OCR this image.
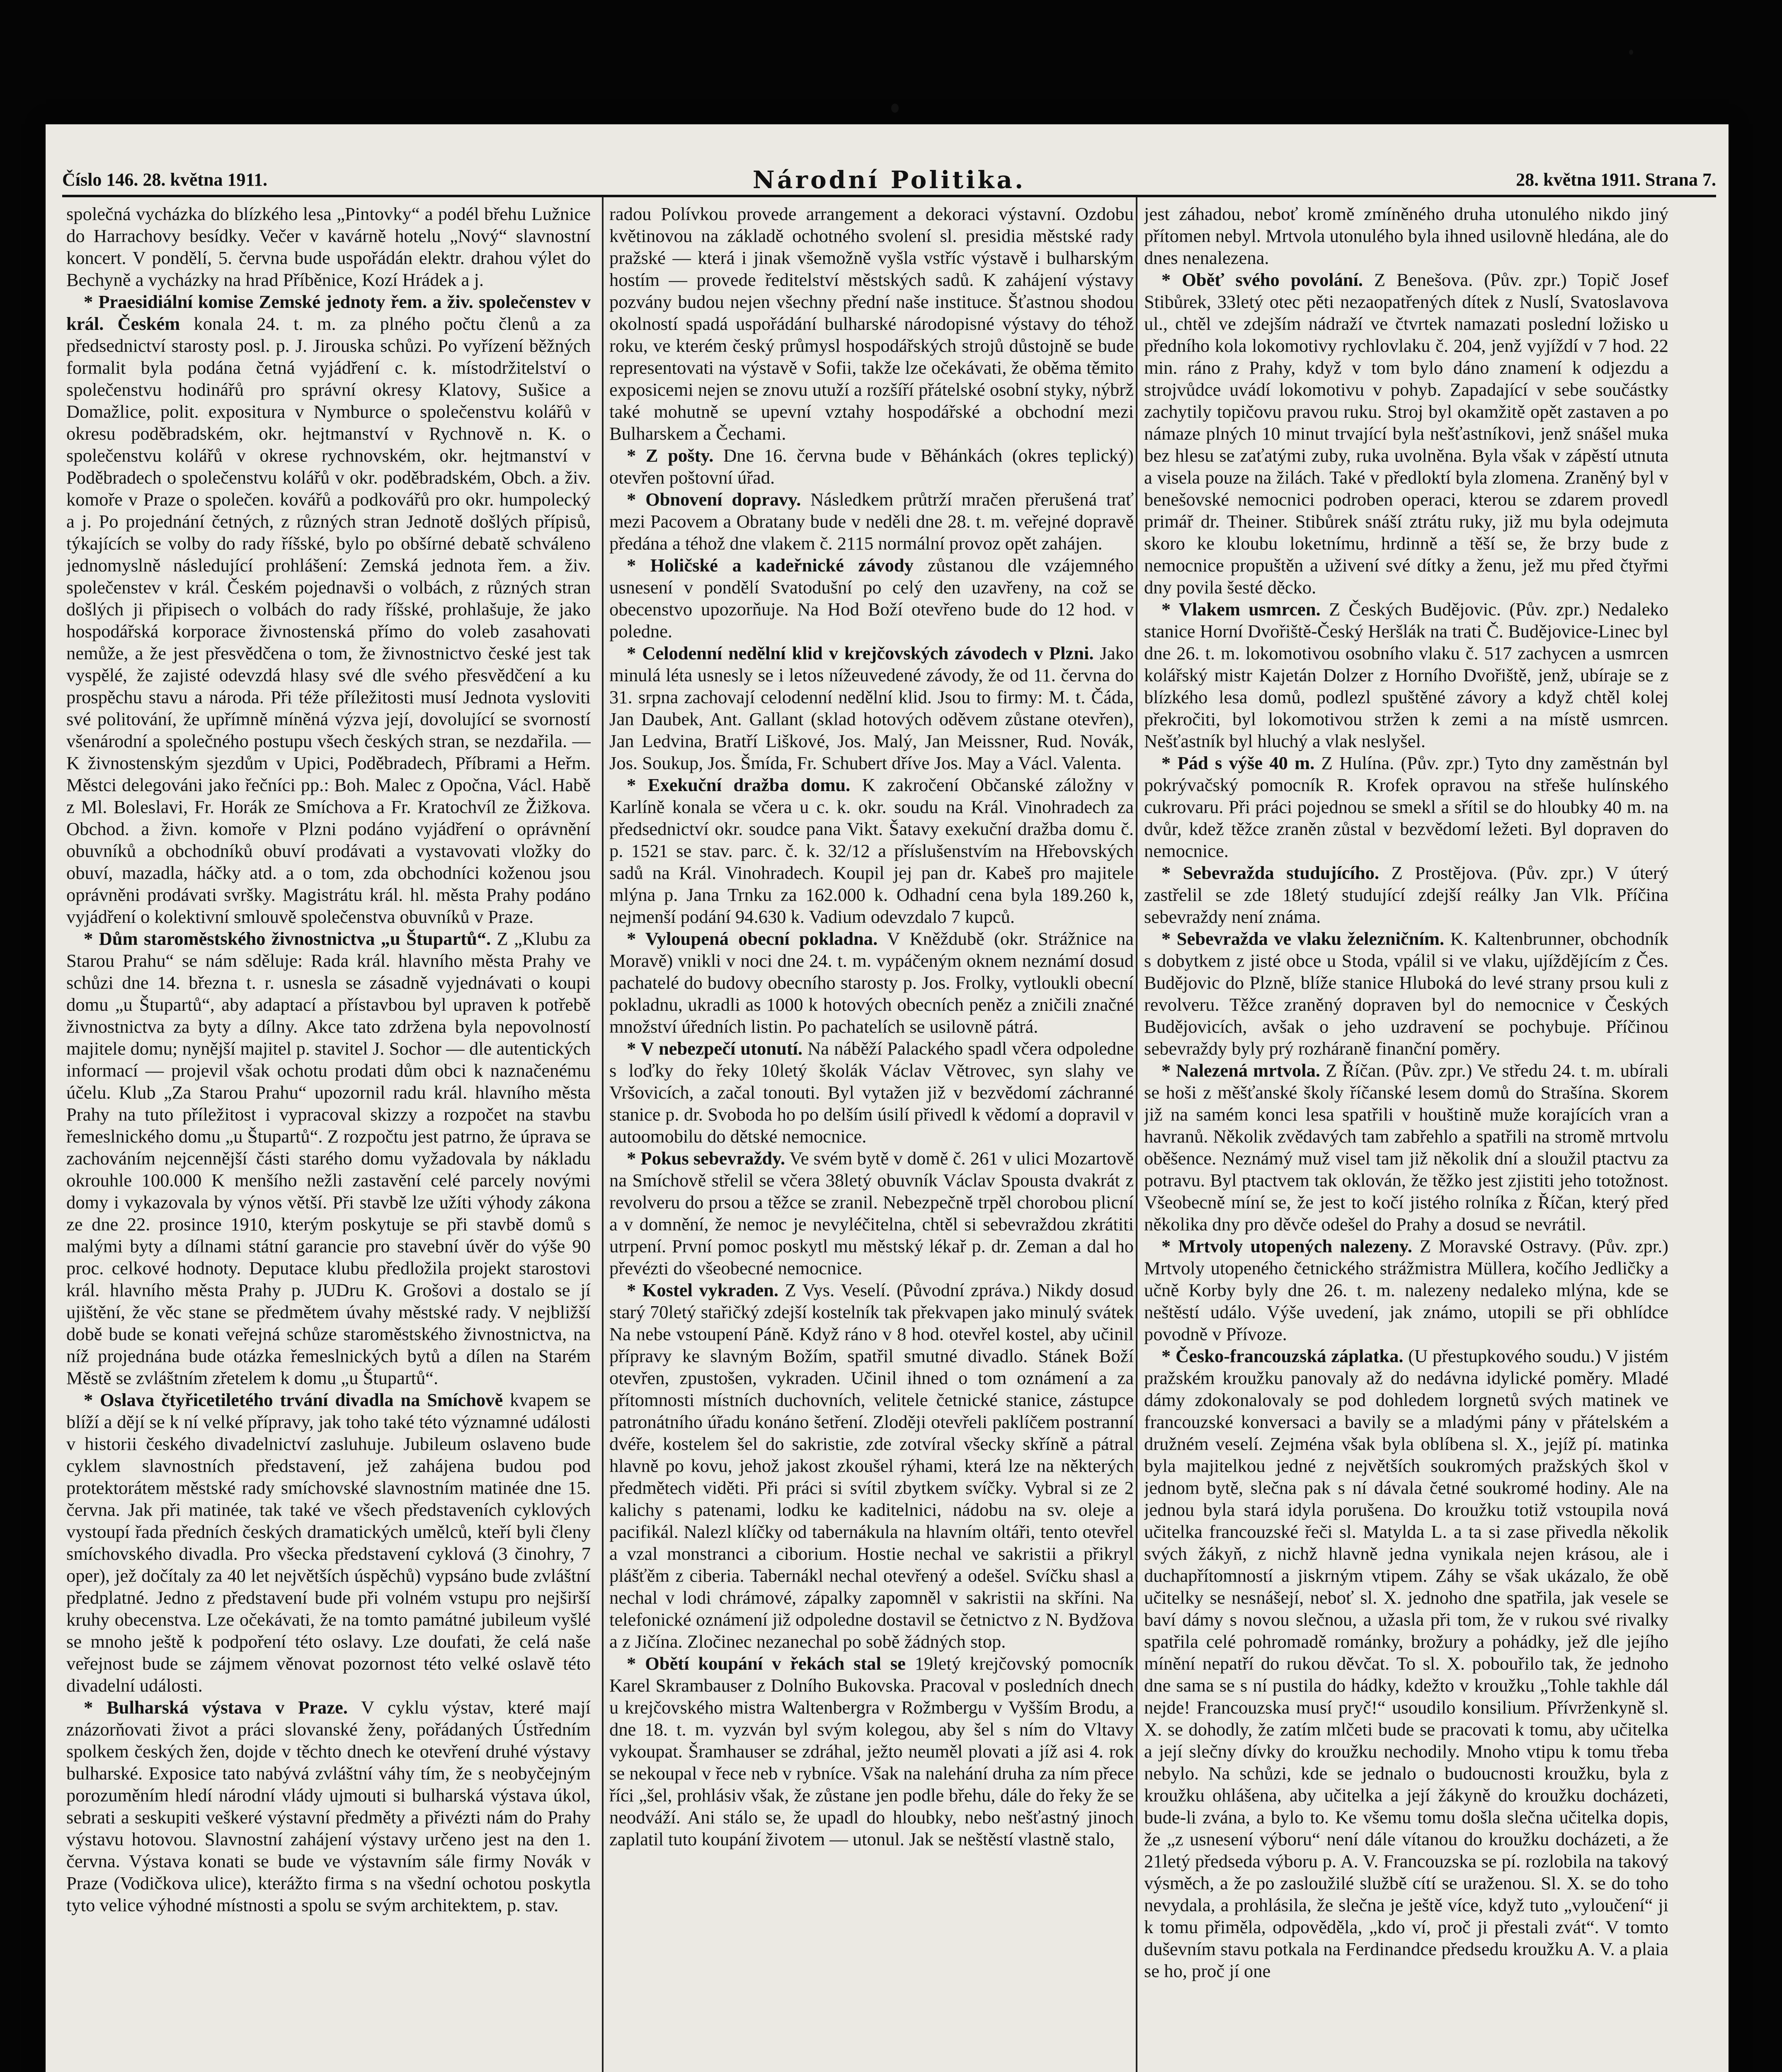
Číslo 146. 28. května 1911.	Národní Politika.	28. května 1911. Strana 7.

společná vycházka do blízkého lesa „Pintovky“ a podél břehu Lužnice do Harrachovy besídky. Večer v kavárně hotelu „Nový“ slavnostní koncert. V pondělí, 5. června bude uspořádán elektr. drahou výlet do Bechyně a vycházky na hrad Příběnice, Kozí Hrádek a j.

* Praesidiální komise Zemské jednoty řem. a živ. společenstev v král. Českém konala 24. t. m. za plného počtu členů a za předsednictví starosty posl. p. J. Jirouska schůzi. Po vyřízení běžných formalit byla podána četná vyjádření c. k. místodržitelství o společenstvu hodinářů pro správní okresy Klatovy, Sušice a Domažlice, polit. expositura v Nymburce o společenstvu kolářů v okresu poděbradském, okr. hejtmanství v Rychnově n. K. o společenstvu kolářů v okrese rychnovském, okr. hejtmanství v Poděbradech o společenstvu kolářů v okr. poděbradském, Obch. a živ. komoře v Praze o společen. kovářů a podkovářů pro okr. humpolecký a j. Po projednání četných, z různých stran Jednotě došlých přípisů, týkajících se volby do rady říšské, bylo po obšírné debatě schváleno jednomyslně následující prohlášení: Zemská jednota řem. a živ. společenstev v král. Českém pojednavši o volbách, z různých stran došlých ji připisech o volbách do rady říšské, prohlašuje, že jako hospodářská korporace živnostenská přímo do voleb zasahovati nemůže, a že jest přesvědčena o tom, že živnostnictvo české jest tak vyspělé, že zajisté odevzdá hlasy své dle svého přesvědčení a ku prospěchu stavu a národa. Při téže příležitosti musí Jednota vysloviti své politování, že upřímně míněná výzva její, dovolující se svorností všenárodní a společného postupu všech českých stran, se nezdařila. — K živnostenským sjezdům v Upici, Poděbradech, Příbrami a Heřm. Městci delegováni jako řečníci pp.: Boh. Malec z Opočna, Václ. Habě z Ml. Boleslavi, Fr. Horák ze Smíchova a Fr. Kratochvíl ze Žižkova. Obchod. a živn. komoře v Plzni podáno vyjádření o oprávnění obuvníků a obchodníků obuví prodávati a vystavovati vložky do obuví, mazadla, háčky atd. a o tom, zda obchodníci koženou jsou oprávněni prodávati svršky. Magistrátu král. hl. města Prahy podáno vyjádření o kolektivní smlouvě společenstva obuvníků v Praze.

* Dům staroměstského živnostnictva „u Štupartů“. Z „Klubu za Starou Prahu“ se nám sděluje: Rada král. hlavního města Prahy ve schůzi dne 14. března t. r. usnesla se zásadně vyjednávati o koupi domu „u Štupartů“, aby adaptací a přístavbou byl upraven k potřebě živnostnictva za byty a dílny. Akce tato zdržena byla nepovolností majitele domu; nynější majitel p. stavitel J. Sochor — dle autentických informací — projevil však ochotu prodati dům obci k naznačenému účelu. Klub „Za Starou Prahu“ upozornil radu král. hlavního města Prahy na tuto příležitost i vypracoval skizzy a rozpočet na stavbu řemeslnického domu „u Štupartů“. Z rozpočtu jest patrno, že úprava se zachováním nejcennější části starého domu vyžadovala by nákladu okrouhle 100.000 K menšího nežli zastavění celé parcely novými domy i vykazovala by výnos větší. Při stavbě lze užíti výhody zákona ze dne 22. prosince 1910, kterým poskytuje se při stavbě domů s malými byty a dílnami státní garancie pro stavební úvěr do výše 90 proc. celkové hodnoty. Deputace klubu předložila projekt starostovi král. hlavního města Prahy p. JUDru K. Grošovi a dostalo se jí ujištění, že věc stane se předmětem úvahy městské rady. V nejbližší době bude se konati veřejná schůze staroměstského živnostnictva, na níž projednána bude otázka řemeslnických bytů a dílen na Starém Městě se zvláštním zřetelem k domu „u Štupartů“.

* Oslava čtyřicetiletého trvání divadla na Smíchově kvapem se blíží a dějí se k ní velké přípravy, jak toho také této významné události v historii českého divadelnictví zasluhuje. Jubileum oslaveno bude cyklem slavnostních představení, jež zahájena budou pod protektorátem městské rady smíchovské slavnostním matinée dne 15. června. Jak při matinée, tak také ve všech představeních cyklových vystoupí řada předních českých dramatických umělců, kteří byli členy smíchovského divadla. Pro všecka představení cyklová (3 činohry, 7 oper), jež dočítaly za 40 let největších úspěchů) vypsáno bude zvláštní předplatné. Jedno z představení bude při volném vstupu pro nejširší kruhy obecenstva. Lze očekávati, že na tomto památné jubileum vyšlé se mnoho ještě k podpoření této oslavy. Lze doufati, že celá naše veřejnost bude se zájmem věnovat pozornost této velké oslavě této divadelní události.

* Bulharská výstava v Praze. V cyklu výstav, které mají znázorňovati život a práci slovanské ženy, pořádaných Ústředním spolkem českých žen, dojde v těchto dnech ke otevření druhé výstavy bulharské. Exposice tato nabývá zvláštní váhy tím, že s neobyčejným porozuměním hledí národní vlády ujmouti si bulharská výstava úkol, sebrati a seskupiti veškeré výstavní předměty a přivézti nám do Prahy výstavu hotovou. Slavnostní zahájení výstavy určeno jest na den 1. června. Výstava konati se bude ve výstavním sále firmy Novák v Praze (Vodičkova ulice), kterážto firma s na všední ochotou poskytla tyto velice výhodné místnosti a spolu se svým architektem, p. stav.

radou Polívkou provede arrangement a dekoraci výstavní. Ozdobu květinovou na základě ochotného svolení sl. presidia městské rady pražské — která i jinak všemožně vyšla vstříc výstavě i bulharským hostím — provede ředitelství městských sadů. K zahájení výstavy pozvány budou nejen všechny přední naše instituce. Šťastnou shodou okolností spadá uspořádání bulharské národopisné výstavy do téhož roku, ve kterém český průmysl hospodářských strojů důstojně se bude representovati na výstavě v Sofii, takže lze očekávati, že oběma těmito exposicemi nejen se znovu utuží a rozšíří přátelské osobní styky, nýbrž také mohutně se upevní vztahy hospodářské a obchodní mezi Bulharskem a Čechami.

* Z pošty. Dne 16. června bude v Běhánkách (okres teplický) otevřen poštovní úřad.

* Obnovení dopravy. Následkem průtrží mračen přerušená trať mezi Pacovem a Obratany bude v neděli dne 28. t. m. veřejné dopravě předána a téhož dne vlakem č. 2115 normální provoz opět zahájen.

* Holičské a kadeřnické závody zůstanou dle vzájemného usnesení v pondělí Svatodušní po celý den uzavřeny, na což se obecenstvo upozorňuje. Na Hod Boží otevřeno bude do 12 hod. v poledne.

* Celodenní nedělní klid v krejčovských závodech v Plzni. Jako minulá léta usnesly se i letos nížeuvedené závody, že od 11. června do 31. srpna zachovají celodenní nedělní klid. Jsou to firmy: M. t. Čáda, Jan Daubek, Ant. Gallant (sklad hotových oděvem zůstane otevřen), Jan Ledvina, Bratří Liškové, Jos. Malý, Jan Meissner, Rud. Novák, Jos. Soukup, Jos. Šmída, Fr. Schubert dříve Jos. May a Václ. Valenta.

* Exekuční dražba domu. K zakročení Občanské záložny v Karlíně konala se včera u c. k. okr. soudu na Král. Vinohradech za předsednictví okr. soudce pana Vikt. Šatavy exekuční dražba domu č. p. 1521 se stav. parc. č. k. 32/12 a příslušenstvím na Hřebovských sadů na Král. Vinohradech. Koupil jej pan dr. Kabeš pro majitele mlýna p. Jana Trnku za 162.000 k. Odhadní cena byla 189.260 k, nejmenší podání 94.630 k. Vadium odevzdalo 7 kupců.

* Vyloupená obecní pokladna. V Kněždubě (okr. Strážnice na Moravě) vnikli v noci dne 24. t. m. vypáčeným oknem neznámí dosud pachatelé do budovy obecního starosty p. Jos. Frolky, vytloukli obecní pokladnu, ukradli as 1000 k hotových obecních peněz a zničili značné množství úředních listin. Po pachatelích se usilovně pátrá.

* V nebezpečí utonutí. Na náběží Palackého spadl včera odpoledne s loďky do řeky 10letý školák Václav Větrovec, syn slahy ve Vršovicích, a začal tonouti. Byl vytažen již v bezvědomí záchranné stanice p. dr. Svoboda ho po delším úsilí přivedl k vědomí a dopravil v autoomobilu do dětské nemocnice.

* Pokus sebevraždy. Ve svém bytě v domě č. 261 v ulici Mozartově na Smíchově střelil se včera 38letý obuvník Václav Spousta dvakrát z revolveru do prsou a těžce se zranil. Nebezpečně trpěl chorobou plicní a v domnění, že nemoc je nevyléčitelna, chtěl si sebevraždou zkrátiti utrpení. První pomoc poskytl mu městský lékař p. dr. Zeman a dal ho převézti do všeobecné nemocnice.

* Kostel vykraden. Z Vys. Veselí. (Původní zpráva.) Nikdy dosud starý 70letý stařičký zdejší kostelník tak překvapen jako minulý svátek Na nebe vstoupení Páně. Když ráno v 8 hod. otevřel kostel, aby učinil přípravy ke slavným Božím, spatřil smutné divadlo. Stánek Boží otevřen, zpustošen, vykraden. Učinil ihned o tom oznámení a za přítomnosti místních duchovních, velitele četnické stanice, zástupce patronátního úřadu konáno šetření. Zloději otevřeli paklíčem postranní dvéře, kostelem šel do sakristie, zde zotvíral všecky skříně a pátral hlavně po kovu, jehož jakost zkoušel rýhami, která lze na některých předmětech viděti. Při práci si svítil zbytkem svíčky. Vybral si ze 2 kalichy s patenami, lodku ke kaditelnici, nádobu na sv. oleje a pacifikál. Nalezl klíčky od tabernákula na hlavním oltáři, tento otevřel a vzal monstranci a ciborium. Hostie nechal ve sakristii a přikryl plášťěm z ciberia. Tabernákl nechal otevřený a odešel. Svíčku shasl a nechal v lodi chrámové, zápalky zapomněl v sakristii na skříni. Na telefonické oznámení již odpoledne dostavil se četnictvo z N. Bydžova a z Jičína. Zločinec nezanechal po sobě žádných stop.

* Obětí koupání v řekách stal se 19letý krejčovský pomocník Karel Skrambauser z Dolního Bukovska. Pracoval v posledních dnech u krejčovského mistra Waltenbergra v Rožmbergu v Vyšším Brodu, a dne 18. t. m. vyzván byl svým kolegou, aby šel s ním do Vltavy vykoupat. Šramhauser se zdráhal, ježto neuměl plovati a jíž asi 4. rok se nekoupal v řece neb v rybníce. Však na nalehání druha za ním přece říci „šel, prohlásiv však, že zůstane jen podle břehu, dále do řeky že se neodváží. Ani stálo se, že upadl do hloubky, nebo nešťastný jinoch zaplatil tuto koupání životem — utonul. Jak se neštěstí vlastně stalo,

jest záhadou, neboť kromě zmíněného druha utonulého nikdo jiný přítomen nebyl. Mrtvola utonulého byla ihned usilovně hledána, ale do dnes nenalezena.

* Oběť svého povolání. Z Benešova. (Pův. zpr.) Topič Josef Stibůrek, 33letý otec pěti nezaopatřených dítek z Nuslí, Svatoslavova ul., chtěl ve zdejším nádraží ve čtvrtek namazati poslední ložisko u předního kola lokomotivy rychlovlaku č. 204, jenž vyjíždí v 7 hod. 22 min. ráno z Prahy, když v tom bylo dáno znamení k odjezdu a strojvůdce uvádí lokomotivu v pohyb. Zapadající v sebe součástky zachytily topičovu pravou ruku. Stroj byl okamžitě opět zastaven a po námaze plných 10 minut trvající byla nešťastníkovi, jenž snášel muka bez hlesu se zaťatými zuby, ruka uvolněna. Byla však v zápěstí utnuta a visela pouze na žilách. Také v předloktí byla zlomena. Zraněný byl v benešovské nemocnici podroben operaci, kterou se zdarem provedl primář dr. Theiner. Stibůrek snáší ztrátu ruky, již mu byla odejmuta skoro ke kloubu loketnímu, hrdinně a těší se, že brzy bude z nemocnice propuštěn a uživení své dítky a ženu, jež mu před čtyřmi dny povila šesté děcko.

* Vlakem usmrcen. Z Českých Budějovic. (Pův. zpr.) Nedaleko stanice Horní Dvořiště-Český Heršlák na trati Č. Budějovice-Linec byl dne 26. t. m. lokomotivou osobního vlaku č. 517 zachycen a usmrcen kolářský mistr Kajetán Dolzer z Horního Dvořiště, jenž, ubíraje se z blízkého lesa domů, podlezl spuštěné závory a když chtěl kolej překročiti, byl lokomotivou stržen k zemi a na místě usmrcen. Nešťastník byl hluchý a vlak neslyšel.

* Pád s výše 40 m. Z Hulína. (Pův. zpr.) Tyto dny zaměstnán byl pokrývačský pomocník R. Krofek opravou na střeše hulínského cukrovaru. Při práci pojednou se smekl a sřítil se do hloubky 40 m. na dvůr, kdež těžce zraněn zůstal v bezvědomí ležeti. Byl dopraven do nemocnice.

* Sebevražda studujícího. Z Prostějova. (Pův. zpr.) V úterý zastřelil se zde 18letý studující zdejší reálky Jan Vlk. Příčina sebevraždy není známa.

* Sebevražda ve vlaku železničním. K. Kaltenbrunner, obchodník s dobytkem z jisté obce u Stoda, vpálil si ve vlaku, ujíždějícím z Čes. Budějovic do Plzně, blíže stanice Hluboká do levé strany prsou kuli z revolveru. Těžce zraněný dopraven byl do nemocnice v Českých Budějovicích, avšak o jeho uzdravení se pochybuje. Příčinou sebevraždy byly prý rozháraně finanční poměry.

* Nalezená mrtvola. Z Říčan. (Pův. zpr.) Ve středu 24. t. m. ubírali se hoši z měšťanské školy říčanské lesem domů do Strašína. Skorem již na samém konci lesa spatřili v houštině muže korajících vran a havranů. Několik zvědavých tam zabřehlo a spatřili na stromě mrtvolu oběšence. Neznámý muž visel tam již několik dní a sloužil ptactvu za potravu. Byl ptactvem tak oklován, že těžko jest zjistiti jeho totožnost. Všeobecně míní se, že jest to kočí jistého rolníka z Říčan, který před několika dny pro děvče odešel do Prahy a dosud se nevrátil.

* Mrtvoly utopených nalezeny. Z Moravské Ostravy. (Pův. zpr.) Mrtvoly utopeného četnického strážmistra Müllera, kočího Jedličky a učně Korby byly dne 26. t. m. nalezeny nedaleko mlýna, kde se neštěstí událo. Výše uvedení, jak známo, utopili se při obhlídce povodně v Přívoze.

* Česko-francouzská záplatka. (U přestupkového soudu.) V jistém pražském kroužku panovaly až do nedávna idylické poměry. Mladé dámy zdokonalovaly se pod dohledem lorgnetů svých matinek ve francouzské konversaci a bavily se a mladými pány v přátelském a družném veselí. Zejména však byla oblíbena sl. X., jejíž pí. matinka byla majitelkou jedné z největších soukromých pražských škol v jednom bytě, slečna pak s ní dávala četné soukromé hodiny. Ale na jednou byla stará idyla porušena. Do kroužku totiž vstoupila nová učitelka francouzské řeči sl. Matylda L. a ta si zase přivedla několik svých žákyň, z nichž hlavně jedna vynikala nejen krásou, ale i duchapřítomností a jiskrným vtipem. Záhy se však ukázalo, že obě učitelky se nesnášejí, neboť sl. X. jednoho dne spatřila, jak vesele se baví dámy s novou slečnou, a užasla při tom, že v rukou své rivalky spatřila celé pohromadě románky, brožury a pohádky, jež dle jejího mínění nepatří do rukou děvčat. To sl. X. pobouřilo tak, že jednoho dne sama se s ní pustila do hádky, kdežto v kroužku „Tohle takhle dál nejde! Francouzska musí pryč!“ usoudilo konsilium. Přívrženkyně sl. X. se dohodly, že zatím mlčeti bude se pracovati k tomu, aby učitelka a její slečny dívky do kroužku nechodily. Mnoho vtipu k tomu třeba nebylo. Na schůzi, kde se jednalo o budoucnosti kroužku, byla z kroužku ohlášena, aby učitelka a její žákyně do kroužku docházeti, bude-li zvána, a bylo to. Ke všemu tomu došla slečna učitelka dopis, že „z usnesení výboru“ není dále vítanou do kroužku docházeti, a že 21letý předseda výboru p. A. V. Francouzska se pí. rozlobila na takový výsměch, a že po zasloužilé službě cítí se uraženou. Sl. X. se do toho nevydala, a prohlásila, že slečna je ještě více, když tuto „vyloučení“ ji k tomu přiměla, odpověděla, „kdo ví, proč ji přestali zvát“. V tomto duševním stavu potkala na Ferdinandce předsedu kroužku A. V. a plaia se ho, proč jí one
